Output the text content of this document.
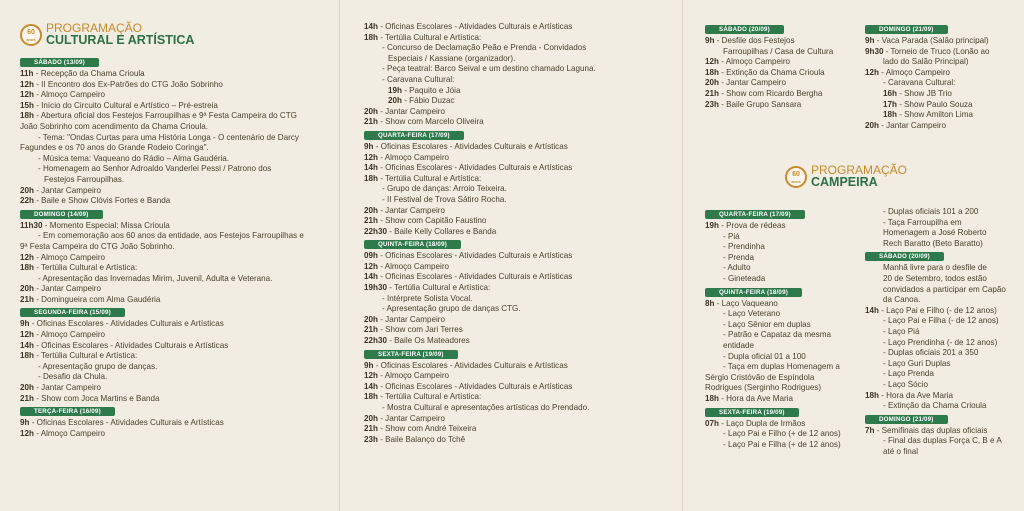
60
anos
PROGRAMAÇÃO
CULTURAL E ARTÍSTICA
SÁBADO (13/09)
11h - Recepção da Chama Crioula
12h - II Encontro dos Ex-Patrões do CTG João Sobrinho
12h - Almoço Campeiro
15h - Início do Circuito Cultural e Artístico – Pré-estreia
18h - Abertura oficial dos Festejos Farroupilhas e 9ª Festa Campeira do CTG
João Sobrinho com acendimento da Chama Crioula.
- Tema: "Ondas Curtas para uma História Longa - O centenário de Darcy
Fagundes e os 70 anos do Grande Rodeio Coringa".
- Música tema: Vaqueano do Rádio – Alma Gaudéria.
- Homenagem ao Senhor Adroaldo Vanderlei Pessi / Patrono dos
Festejos Farroupilhas.
20h - Jantar Campeiro
22h - Baile e Show Clóvis Fortes e Banda
DOMINGO (14/09)
11h30 - Momento Especial: Missa Crioula
- Em comemoração aos 60 anos da entidade, aos Festejos Farroupilhas e
9ª Festa Campeira do CTG João Sobrinho.
12h - Almoço Campeiro
18h - Tertúlia Cultural e Artística:
- Apresentação das Invernadas Mirim, Juvenil, Adulta e Veterana.
20h - Jantar Campeiro
21h - Domingueira com Alma Gaudéria
SEGUNDA-FEIRA (15/09)
9h - Oficinas Escolares - Atividades Culturais e Artísticas
12h - Almoço Campeiro
14h - Oficinas Escolares - Atividades Culturais e Artísticas
18h - Tertúlia Cultural e Artística:
- Apresentação grupo de danças.
- Desafio da Chula.
20h - Jantar Campeiro
21h - Show com Joca Martins e Banda
TERÇA-FEIRA (16/09)
9h - Oficinas Escolares - Atividades Culturais e Artísticas
12h - Almoço Campeiro
14h - Oficinas Escolares - Atividades Culturais e Artísticas
18h - Tertúlia Cultural e Artística:
- Concurso de Declamação Peão e Prenda - Convidados
Especiais / Kassiane (organizador).
- Peça teatral: Barco Seival e um destino chamado Laguna.
- Caravana Cultural:
19h - Paquito e Jóia
20h - Fábio Duzac
20h - Jantar Campeiro
21h - Show com Marcelo Oliveira
QUARTA-FEIRA (17/09)
9h - Oficinas Escolares - Atividades Culturais e Artísticas
12h - Almoço Campeiro
14h - Oficinas Escolares - Atividades Culturais e Artísticas
18h - Tertúlia Cultural e Artística:
- Grupo de danças: Arroio Teixeira.
- II Festival de Trova Sátiro Rocha.
20h - Jantar Campeiro
21h - Show com Capitão Faustino
22h30 - Baile Kelly Collares e Banda
QUINTA-FEIRA (18/09)
09h - Oficinas Escolares - Atividades Culturais e Artísticas
12h - Almoço Campeiro
14h - Oficinas Escolares - Atividades Culturais e Artísticas
19h30 - Tertúlia Cultural e Artística:
- Intérprete Solista Vocal.
- Apresentação grupo de danças CTG.
20h - Jantar Campeiro
21h - Show com Jari Terres
22h30 - Baile Os Mateadores
SEXTA-FEIRA (19/09)
9h - Oficinas Escolares - Atividades Culturais e Artísticas
12h - Almoço Campeiro
14h - Oficinas Escolares - Atividades Culturais e Artísticas
18h - Tertúlia Cultural e Artística:
- Mostra Cultural e apresentações artísticas do Prendado.
20h - Jantar Campeiro
21h - Show com André Teixeira
23h - Baile Balanço do Tchê
SÁBADO (20/09)
9h - Desfile dos Festejos
Farroupilhas / Casa de Cultura
12h - Almoço Campeiro
18h - Extinção da Chama Crioula
20h - Jantar Campeiro
21h - Show com Ricardo Bergha
23h - Baile Grupo Sansara
DOMINGO (21/09)
9h - Vaca Parada (Salão principal)
9h30 - Torneio de Truco (Lonão ao
lado do Salão Principal)
12h - Almoço Campeiro
- Caravana Cultural:
16h - Show JB Trio
17h - Show Paulo Souza
18h - Show Amilton Lima
20h - Jantar Campeiro
60
anos
PROGRAMAÇÃO
CAMPEIRA
QUARTA-FEIRA (17/09)
19h - Prova de rédeas
- Piá
- Prendinha
- Prenda
- Adulto
- Gineteada
QUINTA-FEIRA (18/09)
8h - Laço Vaqueano
- Laço Veterano
- Laço Sênior em duplas
- Patrão e Capataz da mesma
entidade
- Dupla oficial 01 a 100
- Taça em duplas Homenagem a
Sérgio Cristóvão de Espíndola
Rodrigues (Serginho Rodrigues)
18h - Hora da Ave Maria
SEXTA-FEIRA (19/09)
07h - Laço Dupla de Irmãos
- Laço Pai e Filho (+ de 12 anos)
- Laço Pai e Filha (+ de 12 anos)
- Duplas oficiais 101 a 200
- Taça Farroupilha em
Homenagem a José Roberto
Rech Baratto (Beto Baratto)
SÁBADO (20/09)
Manhã livre para o desfile de
20 de Setembro, todos estão
convidados a participar em Capão
da Canoa.
14h - Laço Pai e Filho (- de 12 anos)
- Laço Pai e Filha (- de 12 anos)
- Laço Piá
- Laço Prendinha (- de 12 anos)
- Duplas oficiais 201 a 350
- Laço Guri Duplas
- Laço Prenda
- Laço Sócio
18h - Hora da Ave Maria
- Extinção da Chama Crioula
DOMINGO (21/09)
7h - Semifinais das duplas oficiais
- Final das duplas Força C, B e A
até o final
